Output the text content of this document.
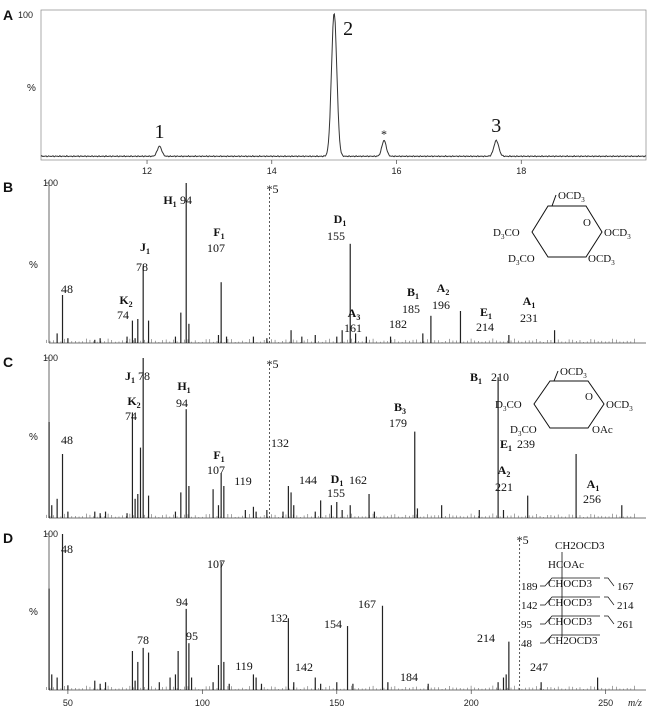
A 100
%
12	14	16	18
1
2
*	3
B	100
%
*5
48
$K_2$
74
$J_1$
78
$H_1$ 94
$F_1$
107
$D_1$
155
$A_3$
161 182
$B_1$
185
$A_2$
196 $E_1$
214
$A_1$
231
$OCD_3$
O
$D_3CO$	$OCD_3$
$D_3CO$	$OCD_3$
C	100
%
*5
48
$K_2$
74
$J_1$ 78
$H_1$
94
$F_1$
107
119
132
144 $D_1$
155
162
$B_3$
179
$B_1$ 210
$A_2$
221
$E_1$ 239
$A_1$
256
$OCD_3$
O
$D_3CO$	$OCD_3$
$D_3CO$	OAc
D	100
%
*5
48
78
94
95
107
119
132
142
154
167
184
214
247
50	100	150	200	250 m/z
CH2OCD3
HCOAc
CHOCD3
CHOCD3
CHOCD3
CH2OCD3
189
142
95
48
167
214
261
